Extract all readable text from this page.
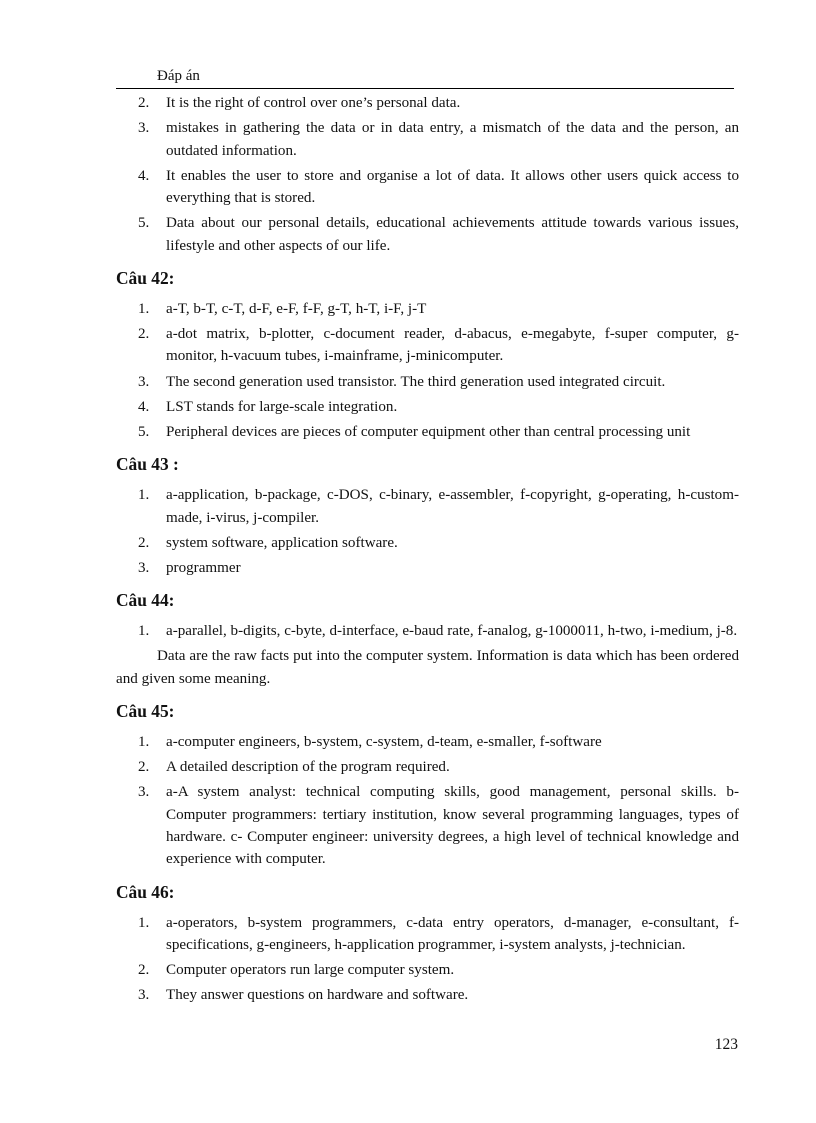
Đáp án
2. It is the right of control over one’s personal data.
3. mistakes in gathering the data or in data entry, a mismatch of the data and the person, an outdated information.
4. It enables the user to store and organise a lot of data. It allows other users quick access to everything that is stored.
5. Data about our personal details, educational achievements attitude towards various issues, lifestyle and other aspects of our life.
Câu 42:
1. a-T, b-T, c-T, d-F, e-F, f-F, g-T, h-T, i-F, j-T
2. a-dot matrix, b-plotter, c-document reader, d-abacus, e-megabyte, f-super computer, g-monitor, h-vacuum tubes, i-mainframe, j-minicomputer.
3. The second generation used transistor. The third generation used integrated circuit.
4. LST stands for large-scale integration.
5. Peripheral devices are pieces of computer equipment other than central processing unit
Câu 43 :
1. a-application, b-package, c-DOS, c-binary, e-assembler, f-copyright, g-operating, h-custom-made, i-virus, j-compiler.
2. system software, application software.
3. programmer
Câu 44:
1. a-parallel, b-digits, c-byte, d-interface, e-baud rate, f-analog, g-1000011, h-two, i-medium, j-8.

Data are the raw facts put into the computer system. Information is data which has been ordered and given some meaning.

Câu 45:
1. a-computer engineers, b-system, c-system, d-team, e-smaller, f-software
2. A detailed description of the program required.
3. a-A system analyst: technical computing skills, good management, personal skills. b-Computer programmers: tertiary institution, know several programming languages, types of hardware. c- Computer engineer: university degrees, a high level of technical knowledge and experience with computer.
Câu 46:
1. a-operators, b-system programmers, c-data entry operators, d-manager, e-consultant, f-specifications, g-engineers, h-application programmer, i-system analysts, j-technician.
2. Computer operators run large computer system.
3. They answer questions on hardware and software.
123
